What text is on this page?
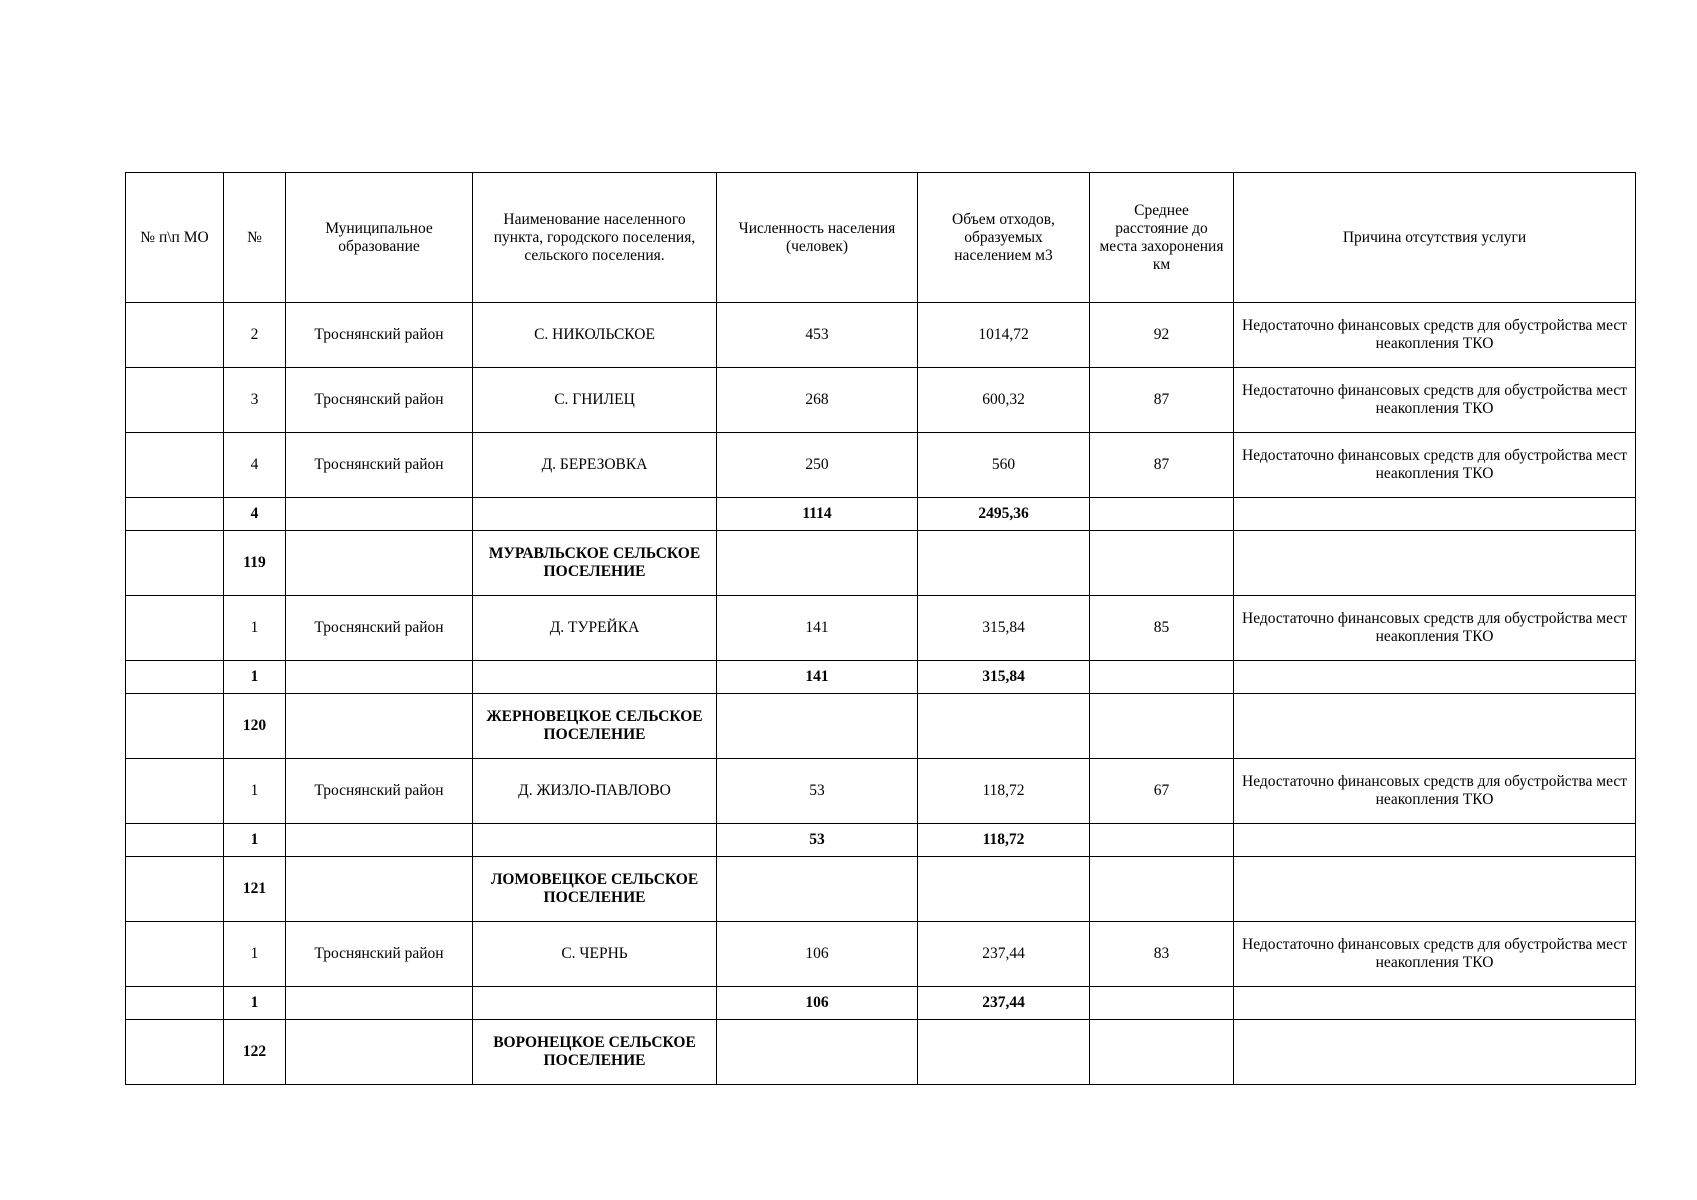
№ п\п МО	№	Муниципальное образование	Наименование населенного пункта, городского поселения, сельского поселения.	Численность населения (человек)	Объем отходов, образуемых населением м3	Среднее расстояние до места захоронения км	Причина отсутствия услуги
	2	Троснянский район	С. НИКОЛЬСКОЕ	453	1014,72	92	Недостаточно финансовых средств для обустройства мест неакопления ТКО
	3	Троснянский район	С. ГНИЛЕЦ	268	600,32	87	Недостаточно финансовых средств для обустройства мест неакопления ТКО
	4	Троснянский район	Д. БЕРЕЗОВКА	250	560	87	Недостаточно финансовых средств для обустройства мест неакопления ТКО
	4			1114	2495,36		
	119		МУРАВЛЬСКОЕ СЕЛЬСКОЕ ПОСЕЛЕНИЕ				
	1	Троснянский район	Д. ТУРЕЙКА	141	315,84	85	Недостаточно финансовых средств для обустройства мест неакопления ТКО
	1			141	315,84		
	120		ЖЕРНОВЕЦКОЕ СЕЛЬСКОЕ ПОСЕЛЕНИЕ				
	1	Троснянский район	Д. ЖИЗЛО-ПАВЛОВО	53	118,72	67	Недостаточно финансовых средств для обустройства мест неакопления ТКО
	1			53	118,72		
	121		ЛОМОВЕЦКОЕ СЕЛЬСКОЕ ПОСЕЛЕНИЕ				
	1	Троснянский район	С. ЧЕРНЬ	106	237,44	83	Недостаточно финансовых средств для обустройства мест неакопления ТКО
	1			106	237,44		
	122		ВОРОНЕЦКОЕ СЕЛЬСКОЕ ПОСЕЛЕНИЕ				
